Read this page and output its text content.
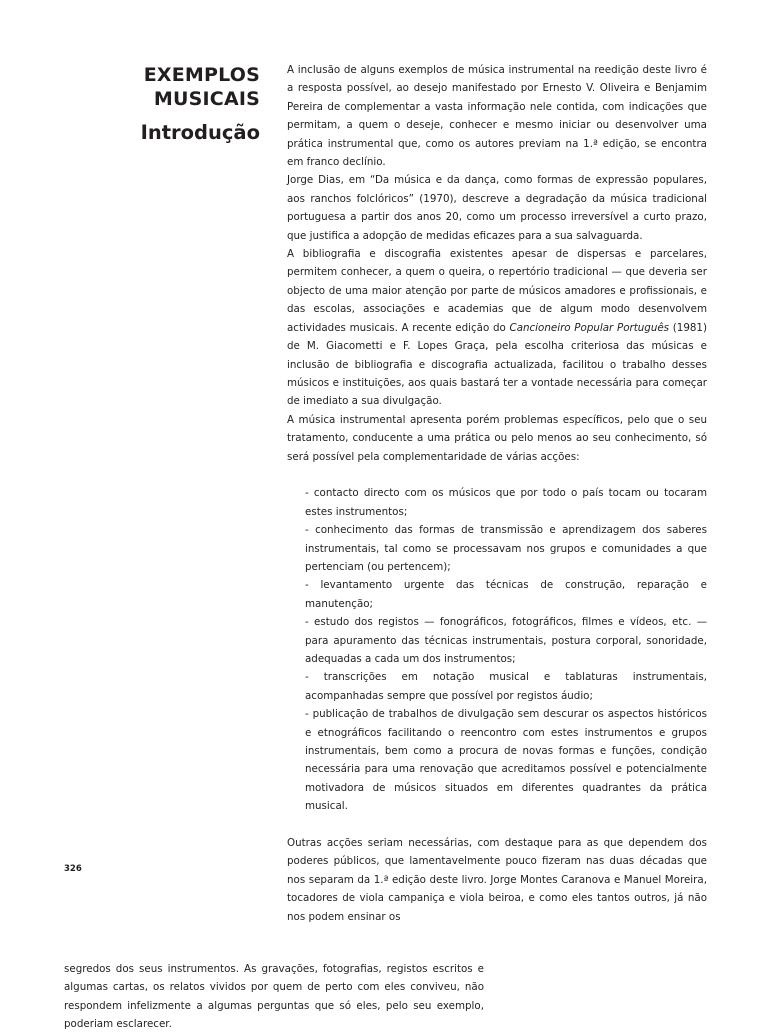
EXEMPLOS
MUSICAIS
Introdução

A inclusão de alguns exemplos de música instrumental na reedição deste livro é a resposta possível, ao desejo manifestado por Ernesto V. Oliveira e Benjamim Pereira de complementar a vasta informação nele contida, com indicações que permitam, a quem o deseje, conhecer e mesmo iniciar ou desenvolver uma prática instrumental que, como os autores previam na 1.ª edição, se encontra em franco declínio.

Jorge Dias, em “Da música e da dança, como formas de expressão populares, aos ranchos folclóricos” (1970), descreve a degradação da música tradicional portuguesa a partir dos anos 20, como um processo irreversível a curto prazo, que justifica a adopção de medidas eficazes para a sua salvaguarda.

A bibliografia e discografia existentes apesar de dispersas e parcelares, permitem conhecer, a quem o queira, o repertório tradicional — que deveria ser objecto de uma maior atenção por parte de músicos amadores e profissionais, e das escolas, associações e academias que de algum modo desenvolvem actividades musicais. A recente edição do Cancioneiro Popular Português (1981) de M. Giacometti e F. Lopes Graça, pela escolha criteriosa das músicas e inclusão de bibliografia e discografia actualizada, facilitou o trabalho desses músicos e instituições, aos quais bastará ter a vontade necessária para começar de imediato a sua divulgação.

A música instrumental apresenta porém problemas específicos, pelo que o seu tratamento, conducente a uma prática ou pelo menos ao seu conhecimento, só será possível pela complementaridade de várias acções:

- contacto directo com os músicos que por todo o país tocam ou tocaram estes instrumentos;
- conhecimento das formas de transmissão e aprendizagem dos saberes instrumentais, tal como se processavam nos grupos e comunidades a que pertenciam (ou pertencem);
- levantamento urgente das técnicas de construção, reparação e manutenção;
- estudo dos registos — fonográficos, fotográficos, filmes e vídeos, etc. — para apuramento das técnicas instrumentais, postura corporal, sonoridade, adequadas a cada um dos instrumentos;
- transcrições em notação musical e tablaturas instrumentais, acompanhadas sempre que possível por registos áudio;
- publicação de trabalhos de divulgação sem descurar os aspectos históricos e etnográficos facilitando o reencontro com estes instrumentos e grupos instrumentais, bem como a procura de novas formas e funções, condição necessária para uma renovação que acreditamos possível e potencialmente motivadora de músicos situados em diferentes quadrantes da prática musical.

Outras acções seriam necessárias, com destaque para as que dependem dos poderes públicos, que lamentavelmente pouco fizeram nas duas décadas que nos separam da 1.ª edição deste livro. Jorge Montes Caranova e Manuel Moreira, tocadores de viola campaniça e viola beiroa, e como eles tantos outros, já não nos podem ensinar os

326

segredos dos seus instrumentos. As gravações, fotografias, registos escritos e algumas cartas, os relatos vividos por quem de perto com eles conviveu, não respondem infelizmente a algumas perguntas que só eles, pelo seu exemplo, poderiam esclarecer.
